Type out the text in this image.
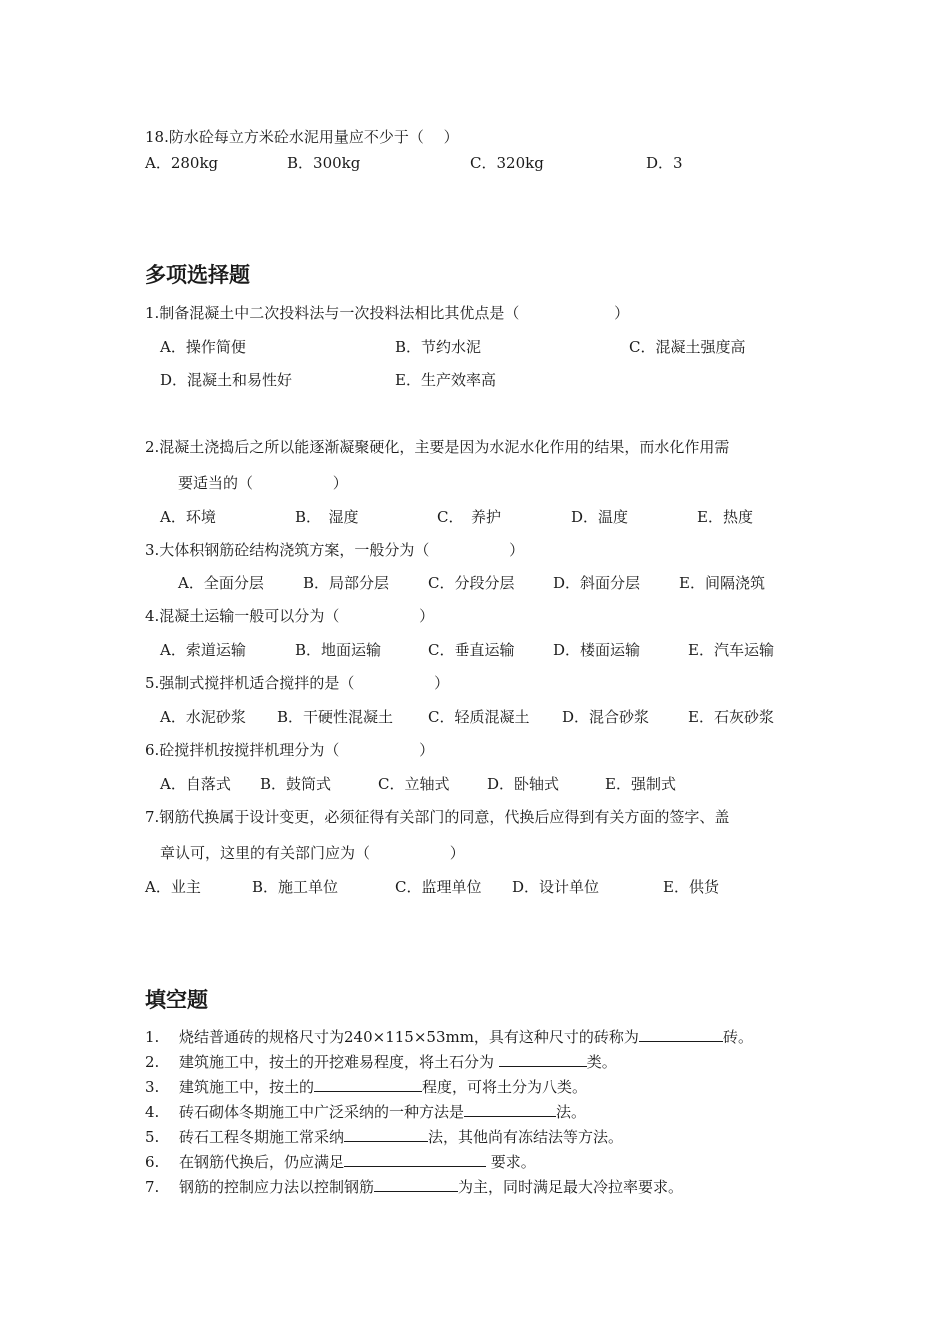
18.防水砼每立方米砼水泥用量应不少于（　 ）
A．280kg	B．300kg	C．320kg	D．3
多项选择题
1.制备混凝土中二次投料法与一次投料法相比其优点是（　　　　　　 ）
A．操作简便	B．节约水泥	C．混凝土强度高
D．混凝土和易性好	E．生产效率高
2.混凝土浇捣后之所以能逐渐凝聚硬化，主要是因为水泥水化作用的结果，而水化作用需
要适当的（　　　　　 ）
A．环境	B．　湿度	C．　养护	D．温度	E．热度
3.大体积钢筋砼结构浇筑方案，一般分为（　　　　　 ）
A．全面分层	B．局部分层	C．分段分层	D．斜面分层	E．间隔浇筑
4.混凝土运输一般可以分为（　　　　　 ）
A．索道运输	B．地面运输	C．垂直运输	D．楼面运输	E．汽车运输
5.强制式搅拌机适合搅拌的是（　　　　　 ）
A．水泥砂浆 B．干硬性混凝土 C．轻质混凝土 D．混合砂浆	E．石灰砂浆
6.砼搅拌机按搅拌机理分为（　　　　　 ）
A．自落式 B．鼓筒式	C．立轴式	D．卧轴式	E．强制式
7.钢筋代换属于设计变更，必须征得有关部门的同意，代换后应得到有关方面的签字、盖
章认可，这里的有关部门应为（　　　　　 ）
A．业主	B．施工单位	C．监理单位 D．设计单位	E．供货
填空题
1. 烧结普通砖的规格尺寸为240×115×53mm，具有这种尺寸的砖称为	砖。
2. 建筑施工中，按土的开挖难易程度，将土石分为	类。
3. 建筑施工中，按土的	程度，可将土分为八类。
4. 砖石砌体冬期施工中广泛采纳的一种方法是	法。
5. 砖石工程冬期施工常采纳	法，其他尚有冻结法等方法。
6. 在钢筋代换后，仍应满足	要求。
7. 钢筋的控制应力法以控制钢筋	为主，同时满足最大冷拉率要求。
